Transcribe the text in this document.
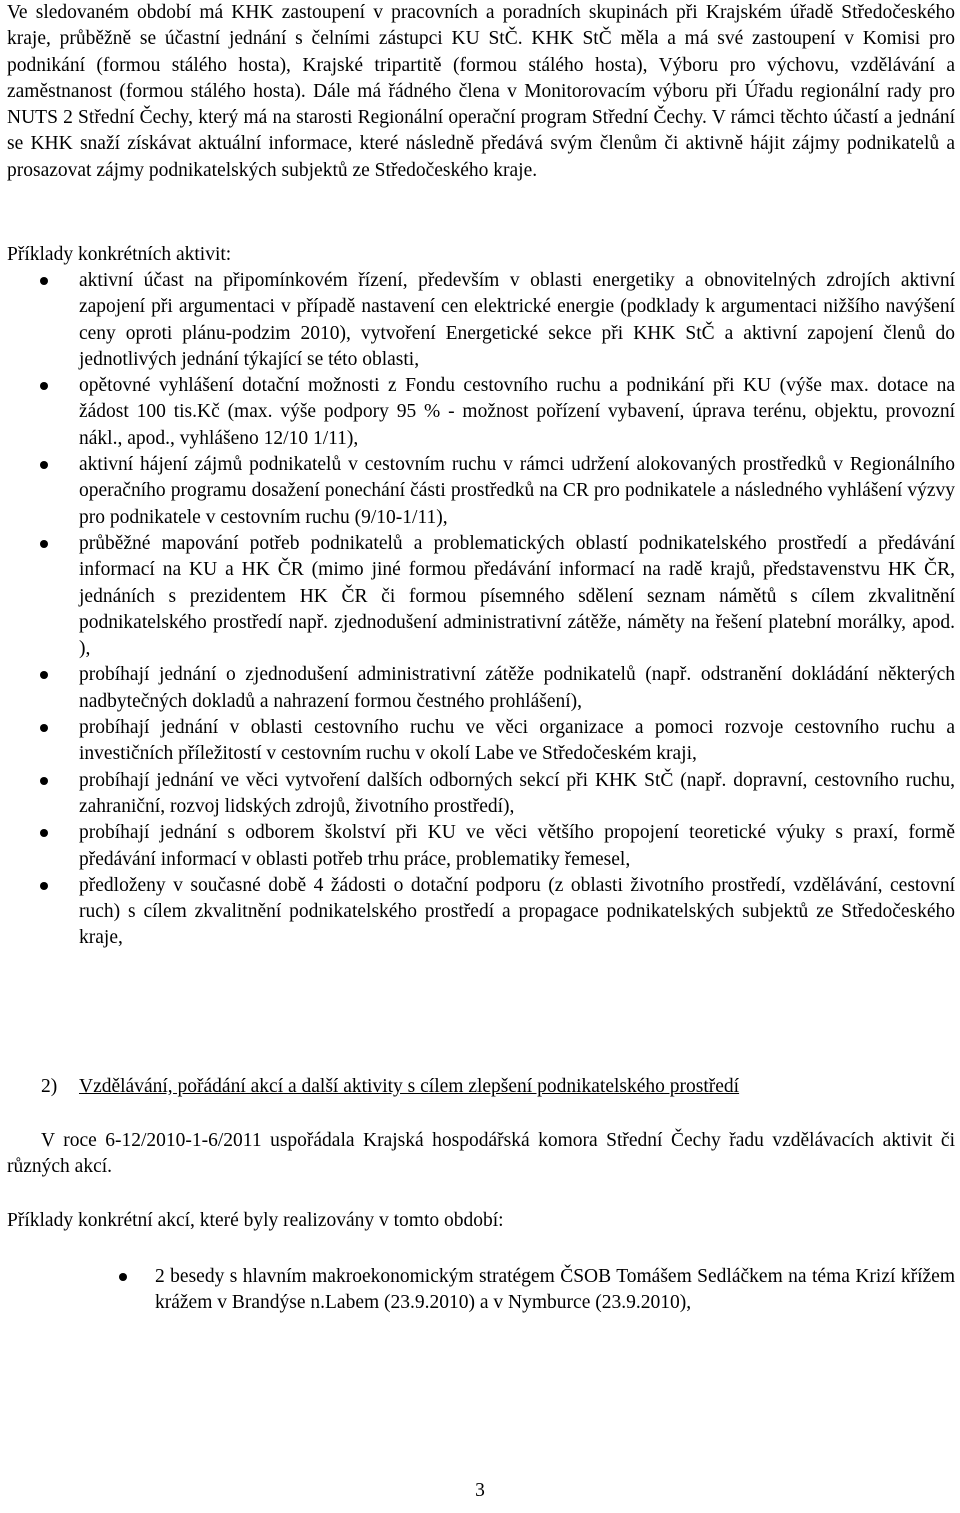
Ve sledovaném období má KHK zastoupení v pracovních a poradních skupinách při Krajském úřadě Středočeského kraje, průběžně se účastní jednání s čelními zástupci KU StČ. KHK StČ měla a má své zastoupení v Komisi pro podnikání (formou stálého hosta), Krajské tripartitě (formou stálého hosta), Výboru pro výchovu, vzdělávání a zaměstnanost (formou stálého hosta). Dále má řádného člena v Monitorovacím výboru při Úřadu regionální rady pro NUTS 2 Střední Čechy, který má na starosti Regionální operační program Střední Čechy. V rámci těchto účastí a jednání se KHK snaží získávat aktuální informace, které následně předává svým členům či aktivně hájit zájmy podnikatelů a prosazovat zájmy podnikatelských subjektů ze Středočeského kraje.

Příklady konkrétních aktivit:

aktivní účast na připomínkovém řízení, především v oblasti energetiky a obnovitelných zdrojích aktivní zapojení při argumentaci v případě nastavení cen elektrické energie (podklady k argumentaci nižšího navýšení ceny oproti plánu-podzim 2010), vytvoření Energetické sekce při KHK StČ a aktivní zapojení členů do jednotlivých jednání týkající se této oblasti,
opětovné vyhlášení dotační možnosti z Fondu cestovního ruchu a podnikání při KU (výše max. dotace na žádost 100 tis.Kč (max. výše podpory 95 % - možnost pořízení vybavení, úprava terénu, objektu, provozní nákl., apod., vyhlášeno 12/10 1/11),
aktivní hájení zájmů podnikatelů v cestovním ruchu v rámci udržení alokovaných prostředků v Regionálního operačního programu dosažení ponechání části prostředků na CR pro podnikatele a následného vyhlášení výzvy pro podnikatele v cestovním ruchu (9/10-1/11),
průběžné mapování potřeb podnikatelů a problematických oblastí podnikatelského prostředí a předávání informací na KU a HK ČR (mimo jiné formou předávání informací na radě krajů, představenstvu HK ČR, jednáních s prezidentem HK ČR či formou písemného sdělení seznam námětů s cílem zkvalitnění podnikatelského prostředí např. zjednodušení administrativní zátěže, náměty na řešení platební morálky, apod. ),
probíhají jednání o zjednodušení administrativní zátěže podnikatelů (např. odstranění dokládání některých nadbytečných dokladů a nahrazení formou čestného prohlášení),
probíhají jednání v oblasti cestovního ruchu ve věci organizace a pomoci rozvoje cestovního ruchu a investičních příležitostí v cestovním ruchu v okolí Labe ve Středočeském kraji,
probíhají jednání ve věci vytvoření dalších odborných sekcí při KHK StČ (např. dopravní, cestovního ruchu, zahraniční, rozvoj lidských zdrojů, životního prostředí),
probíhají jednání s odborem školství při KU ve věci většího propojení teoretické výuky s praxí, formě předávání informací v oblasti potřeb trhu práce, problematiky řemesel,
předloženy v současné době 4 žádosti o dotační podporu (z oblasti životního prostředí, vzdělávání, cestovní ruch) s cílem zkvalitnění podnikatelského prostředí a propagace podnikatelských subjektů ze Středočeského kraje,

2) Vzdělávání, pořádání akcí a další aktivity s cílem zlepšení podnikatelského prostředí

V roce 6-12/2010-1-6/2011 uspořádala Krajská hospodářská komora Střední Čechy řadu vzdělávacích aktivit či různých akcí.

Příklady konkrétní akcí, které byly realizovány v tomto období:

2 besedy s hlavním makroekonomickým stratégem ČSOB Tomášem Sedláčkem na téma Krizí křížem krážem v Brandýse n.Labem (23.9.2010) a v Nymburce (23.9.2010),

3
